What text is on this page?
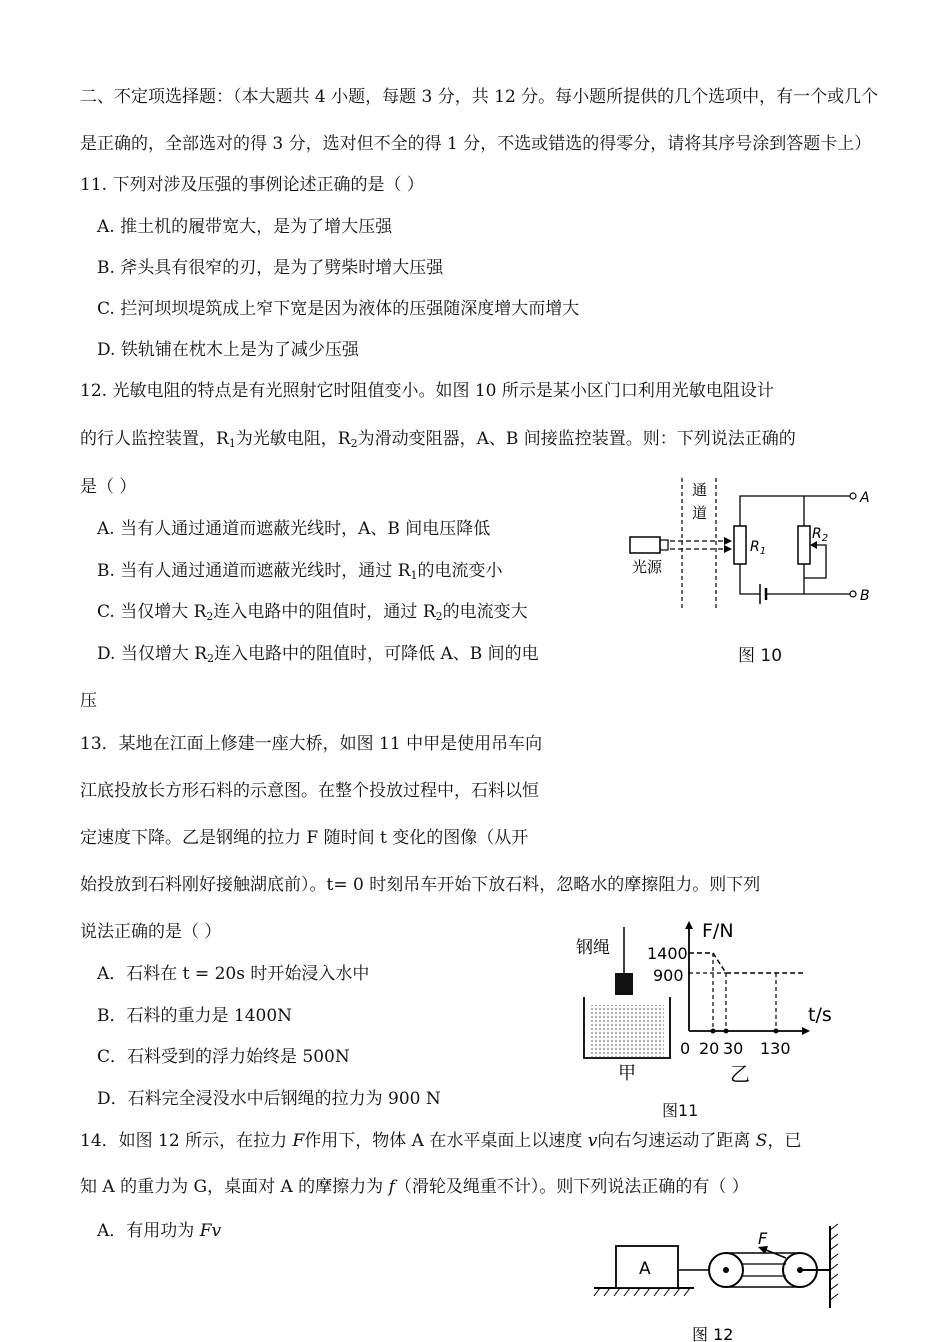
二、不定项选择题：（本大题共 4 小题，每题 3 分，共 12 分。每小题所提供的几个选项中，有一个或几个
是正确的，全部选对的得 3 分，选对但不全的得 1 分，不选或错选的得零分，请将其序号涂到答题卡上）
11. 下列对涉及压强的事例论述正确的是（ ）
A. 推土机的履带宽大，是为了增大压强
B. 斧头具有很窄的刃，是为了劈柴时增大压强
C. 拦河坝坝堤筑成上窄下宽是因为液体的压强随深度增大而增大
D. 铁轨铺在枕木上是为了减少压强
12. 光敏电阻的特点是有光照射它时阻值变小。如图 10 所示是某小区门口利用光敏电阻设计
的行人监控装置，$R_1$为光敏电阻，$R_2$为滑动变阻器，A、B 间接监控装置。则：下列说法正确的
是（ ）
A. 当有人通过通道而遮蔽光线时，A、B 间电压降低
B. 当有人通过通道而遮蔽光线时，通过 $R_1$的电流变小
C. 当仅增大 $R_2$连入电路中的阻值时，通过 $R_2$的电流变大
D. 当仅增大 $R_2$连入电路中的阻值时，可降低 A、B 间的电
压
光源
通道
$R_1$
$R_2$
A
B
图 10
13．某地在江面上修建一座大桥，如图 11 中甲是使用吊车向
江底投放长方形石料的示意图。在整个投放过程中，石料以恒
定速度下降。乙是钢绳的拉力 F 随时间 t 变化的图像（从开
始投放到石料刚好接触湖底前）。t= 0 时刻吊车开始下放石料，忽略水的摩擦阻力。则下列
说法正确的是（ ）
A．石料在 t = 20s 时开始浸入水中
B．石料的重力是 1400N
C．石料受到的浮力始终是 500N
D．石料完全浸没水中后钢绳的拉力为 900 N
钢绳
甲
F/N
t/s
1400
900
0 20 30 130
乙
图11
14．如图 12 所示，在拉力 F作用下，物体 A 在水平桌面上以速度 v向右匀速运动了距离 S，已
知 A 的重力为 G，桌面对 A 的摩擦力为 f（滑轮及绳重不计）。则下列说法正确的有（ ）
A．有用功为 Fv
A
F
图 12
